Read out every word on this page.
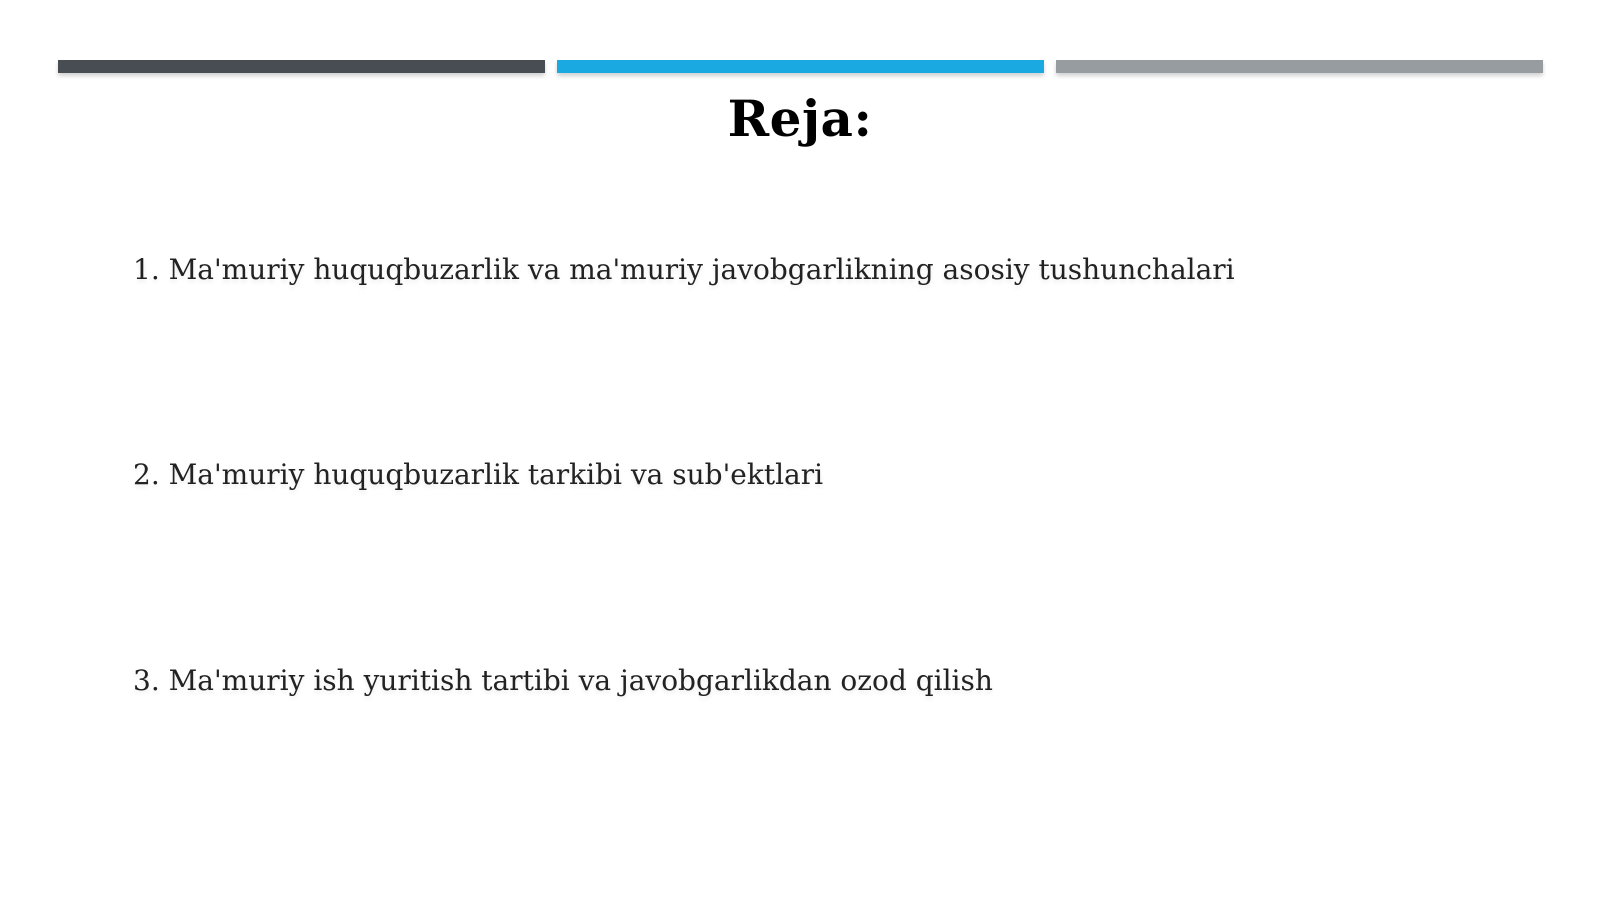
Reja:

1. Ma'muriy huquqbuzarlik va ma'muriy javobgarlikning asosiy tushunchalari

2. Ma'muriy huquqbuzarlik tarkibi va sub'ektlari

3. Ma'muriy ish yuritish tartibi va javobgarlikdan ozod qilish
